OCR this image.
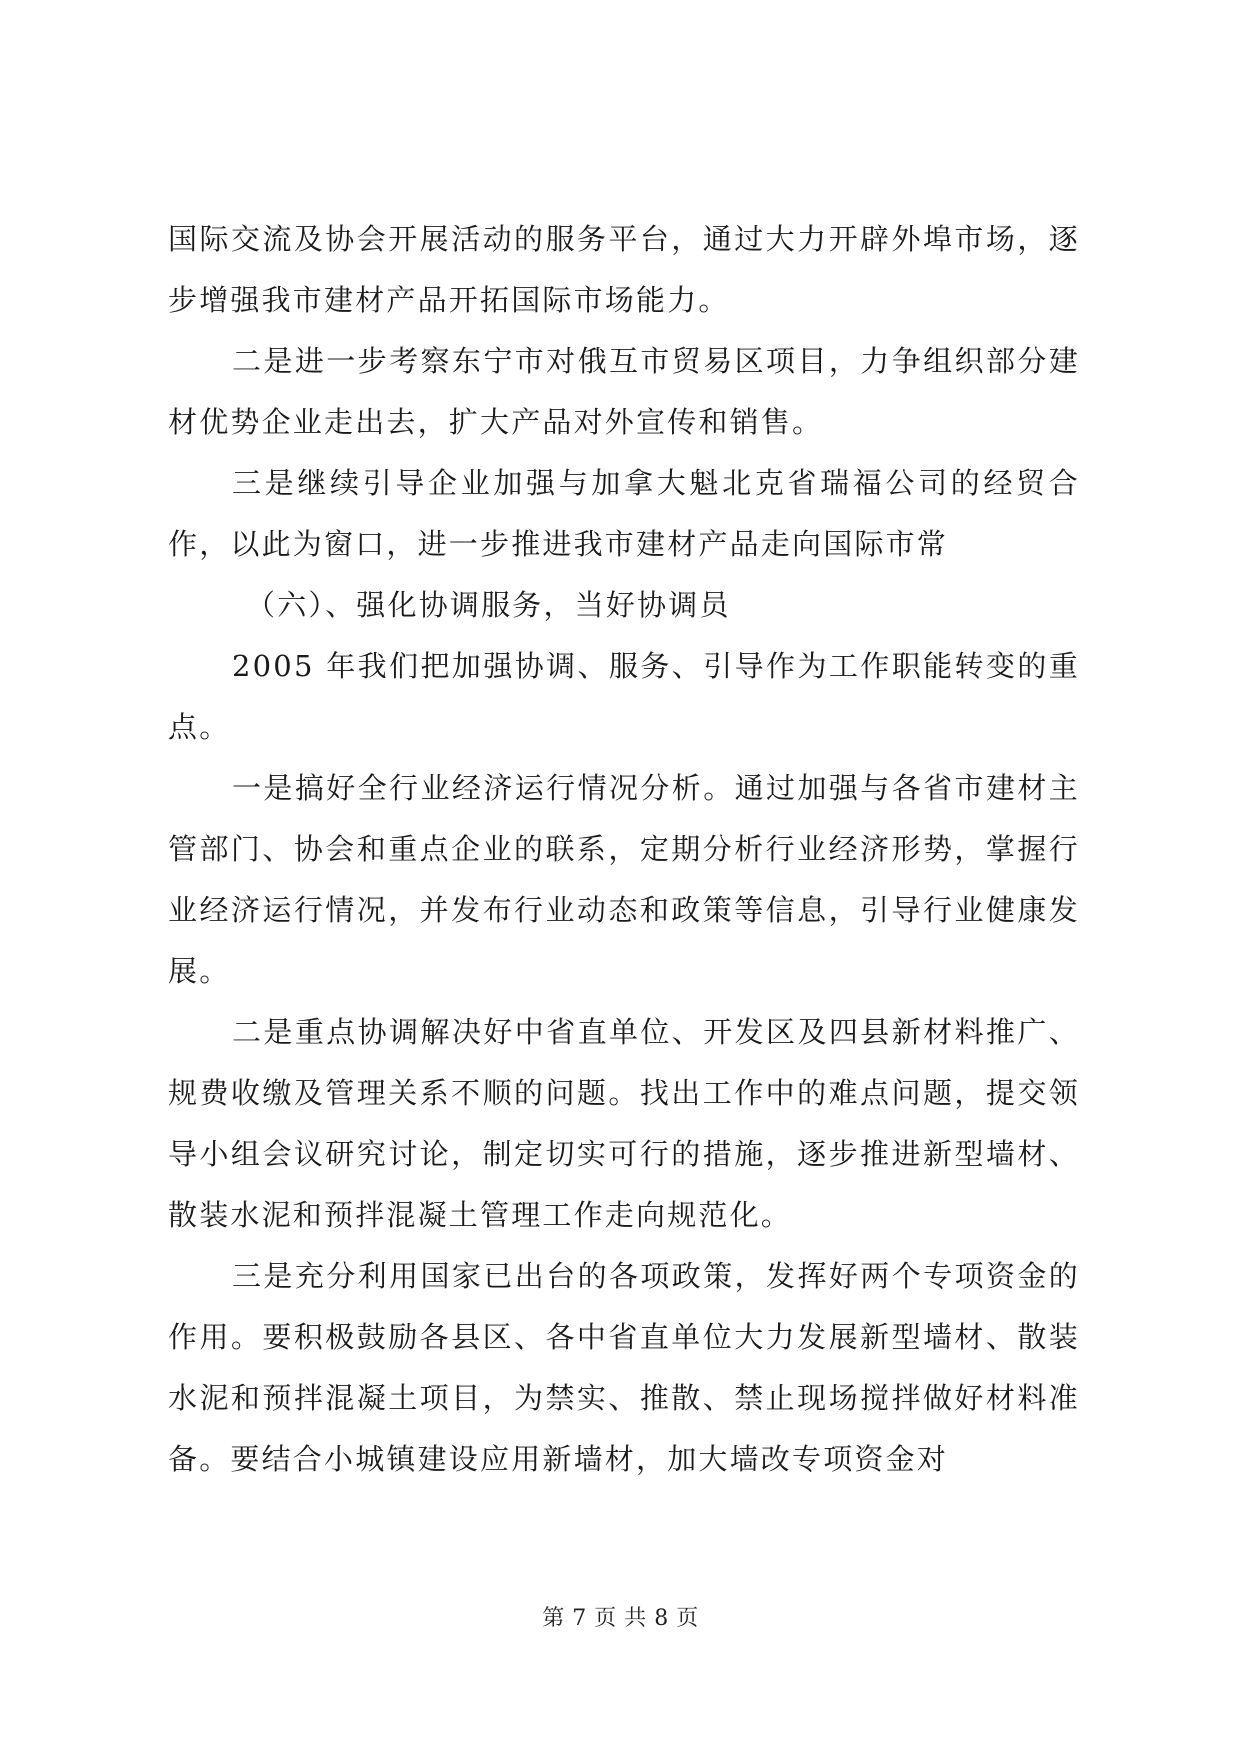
国际交流及协会开展活动的服务平台，通过大力开辟外埠市场，逐步增强我市建材产品开拓国际市场能力。

二是进一步考察东宁市对俄互市贸易区项目，力争组织部分建材优势企业走出去，扩大产品对外宣传和销售。

三是继续引导企业加强与加拿大魁北克省瑞福公司的经贸合作，以此为窗口，进一步推进我市建材产品走向国际市常

（六）、强化协调服务，当好协调员

2005 年我们把加强协调、服务、引导作为工作职能转变的重点。

一是搞好全行业经济运行情况分析。通过加强与各省市建材主管部门、协会和重点企业的联系，定期分析行业经济形势，掌握行业经济运行情况，并发布行业动态和政策等信息，引导行业健康发展。

二是重点协调解决好中省直单位、开发区及四县新材料推广、规费收缴及管理关系不顺的问题。找出工作中的难点问题，提交领导小组会议研究讨论，制定切实可行的措施，逐步推进新型墙材、散装水泥和预拌混凝土管理工作走向规范化。

三是充分利用国家已出台的各项政策，发挥好两个专项资金的作用。要积极鼓励各县区、各中省直单位大力发展新型墙材、散装水泥和预拌混凝土项目，为禁实、推散、禁止现场搅拌做好材料准备。要结合小城镇建设应用新墙材，加大墙改专项资金对

第 7 页 共 8 页
